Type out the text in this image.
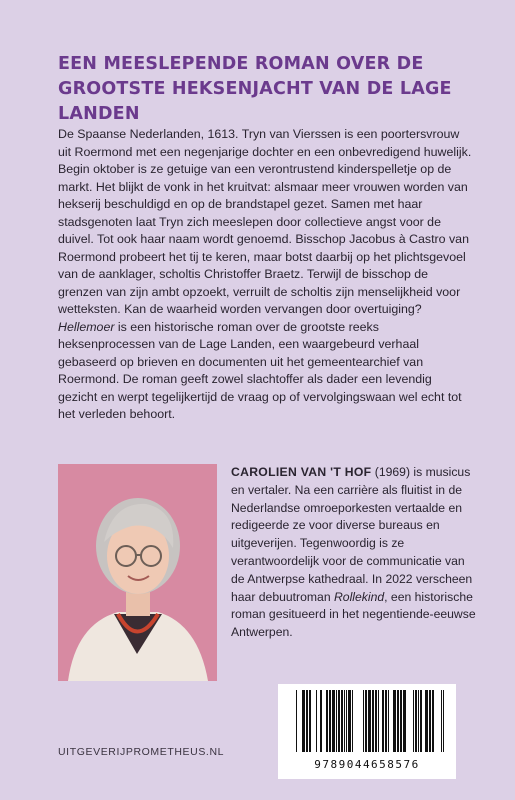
EEN MEESLEPENDE ROMAN OVER DE GROOTSTE HEKSENJACHT VAN DE LAGE LANDEN

De Spaanse Nederlanden, 1613. Tryn van Vierssen is een poortersvrouw uit Roermond met een negenjarige dochter en een onbevredigend huwelijk. Begin oktober is ze getuige van een verontrustend kinderspelletje op de markt. Het blijkt de vonk in het kruitvat: alsmaar meer vrouwen worden van hekserij beschuldigd en op de brandstapel gezet. Samen met haar stadsgenoten laat Tryn zich meeslepen door collectieve angst voor de duivel. Tot ook haar naam wordt genoemd. Bisschop Jacobus à Castro van Roermond probeert het tij te keren, maar botst daarbij op het plichtsgevoel van de aanklager, scholtis Christoffer Braetz. Terwijl de bisschop de grenzen van zijn ambt opzoekt, verruilt de scholtis zijn menselijkheid voor wetteksten. Kan de waarheid worden vervangen door overtuiging?

Hellemoer is een historische roman over de grootste reeks heksenprocessen van de Lage Landen, een waargebeurd verhaal gebaseerd op brieven en documenten uit het gemeentearchief van Roermond. De roman geeft zowel slachtoffer als dader een levendig gezicht en werpt tegelijkertijd de vraag op of vervolgingswaan wel echt tot het verleden behoort.

CAROLIEN VAN 'T HOF (1969) is musicus en vertaler. Na een carrière als fluitist in de Nederlandse omroeporkesten vertaalde en redigeerde ze voor diverse bureaus en uitgeverijen. Tegenwoordig is ze verantwoordelijk voor de communicatie van de Antwerpse kathedraal. In 2022 verscheen haar debuutroman Rollekind, een historische roman gesitueerd in het negentiende-eeuwse Antwerpen.
UITGEVERIJPROMETHEUS.NL
9789044658576
